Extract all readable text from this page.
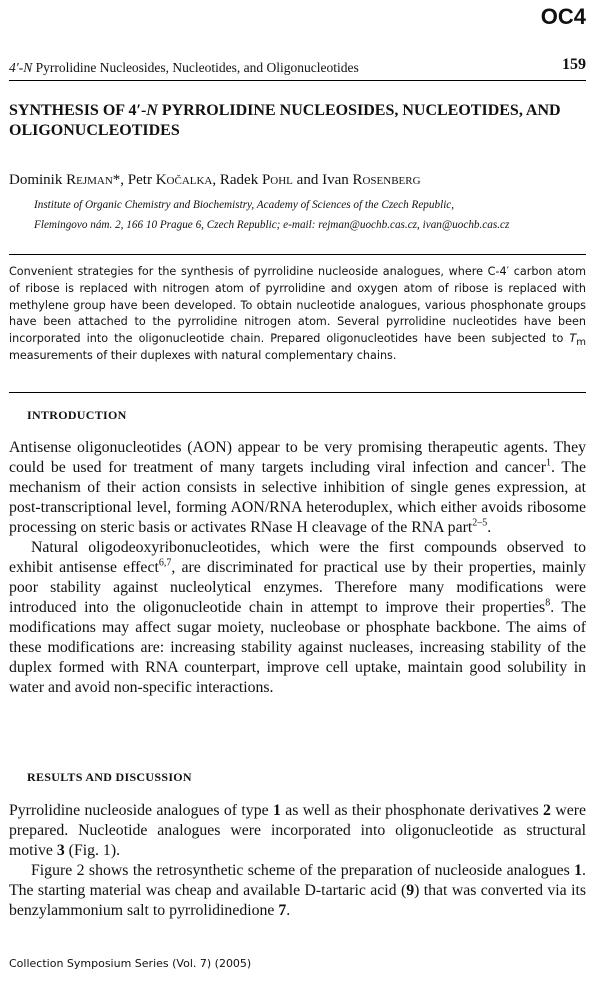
OC4
4′-N Pyrrolidine Nucleosides, Nucleotides, and Oligonucleotides	159
SYNTHESIS OF 4′-N PYRROLIDINE NUCLEOSIDES, NUCLEOTIDES, AND OLIGONUCLEOTIDES
Dominik Rejman*, Petr Kočalka, Radek Pohl and Ivan Rosenberg
Institute of Organic Chemistry and Biochemistry, Academy of Sciences of the Czech Republic,
Flemingovo nám. 2, 166 10 Prague 6, Czech Republic; e-mail: rejman@uochb.cas.cz, ivan@uochb.cas.cz
Convenient strategies for the synthesis of pyrrolidine nucleoside analogues, where C-4′ carbon atom of ribose is replaced with nitrogen atom of pyrrolidine and oxygen atom of ribose is replaced with methylene group have been developed. To obtain nucleotide analogues, various phosphonate groups have been attached to the pyrrolidine nitrogen atom. Several pyrrolidine nucleotides have been incorporated into the oligonucleotide chain. Prepared oligonucleotides have been subjected to $T_m$ measurements of their duplexes with natural complementary chains.
INTRODUCTION

Antisense oligonucleotides (AON) appear to be very promising therapeutic agents. They could be used for treatment of many targets including viral infection and cancer$^1$. The mechanism of their action consists in selective inhibition of single genes expression, at post-transcriptional level, forming AON/RNA heteroduplex, which either avoids ribosome processing on steric basis or activates RNase H cleavage of the RNA part$^{2-5}$.

Natural oligodeoxyribonucleotides, which were the first compounds observed to exhibit antisense effect$^{6,7}$, are discriminated for practical use by their properties, mainly poor stability against nucleolytical enzymes. Therefore many modifications were introduced into the oligonucleotide chain in attempt to improve their properties$^8$. The modifications may affect sugar moiety, nucleobase or phosphate backbone. The aims of these modifications are: increasing stability against nucleases, increasing stability of the duplex formed with RNA counterpart, improve cell uptake, maintain good solubility in water and avoid non-specific interactions.

RESULTS AND DISCUSSION

Pyrrolidine nucleoside analogues of type 1 as well as their phosphonate derivatives 2 were prepared. Nucleotide analogues were incorporated into oligonucleotide as structural motive 3 (Fig. 1).

Figure 2 shows the retrosynthetic scheme of the preparation of nucleoside analogues 1. The starting material was cheap and available D-tartaric acid (9) that was converted via its benzylammonium salt to pyrrolidinedione 7.

Collection Symposium Series (Vol. 7) (2005)
